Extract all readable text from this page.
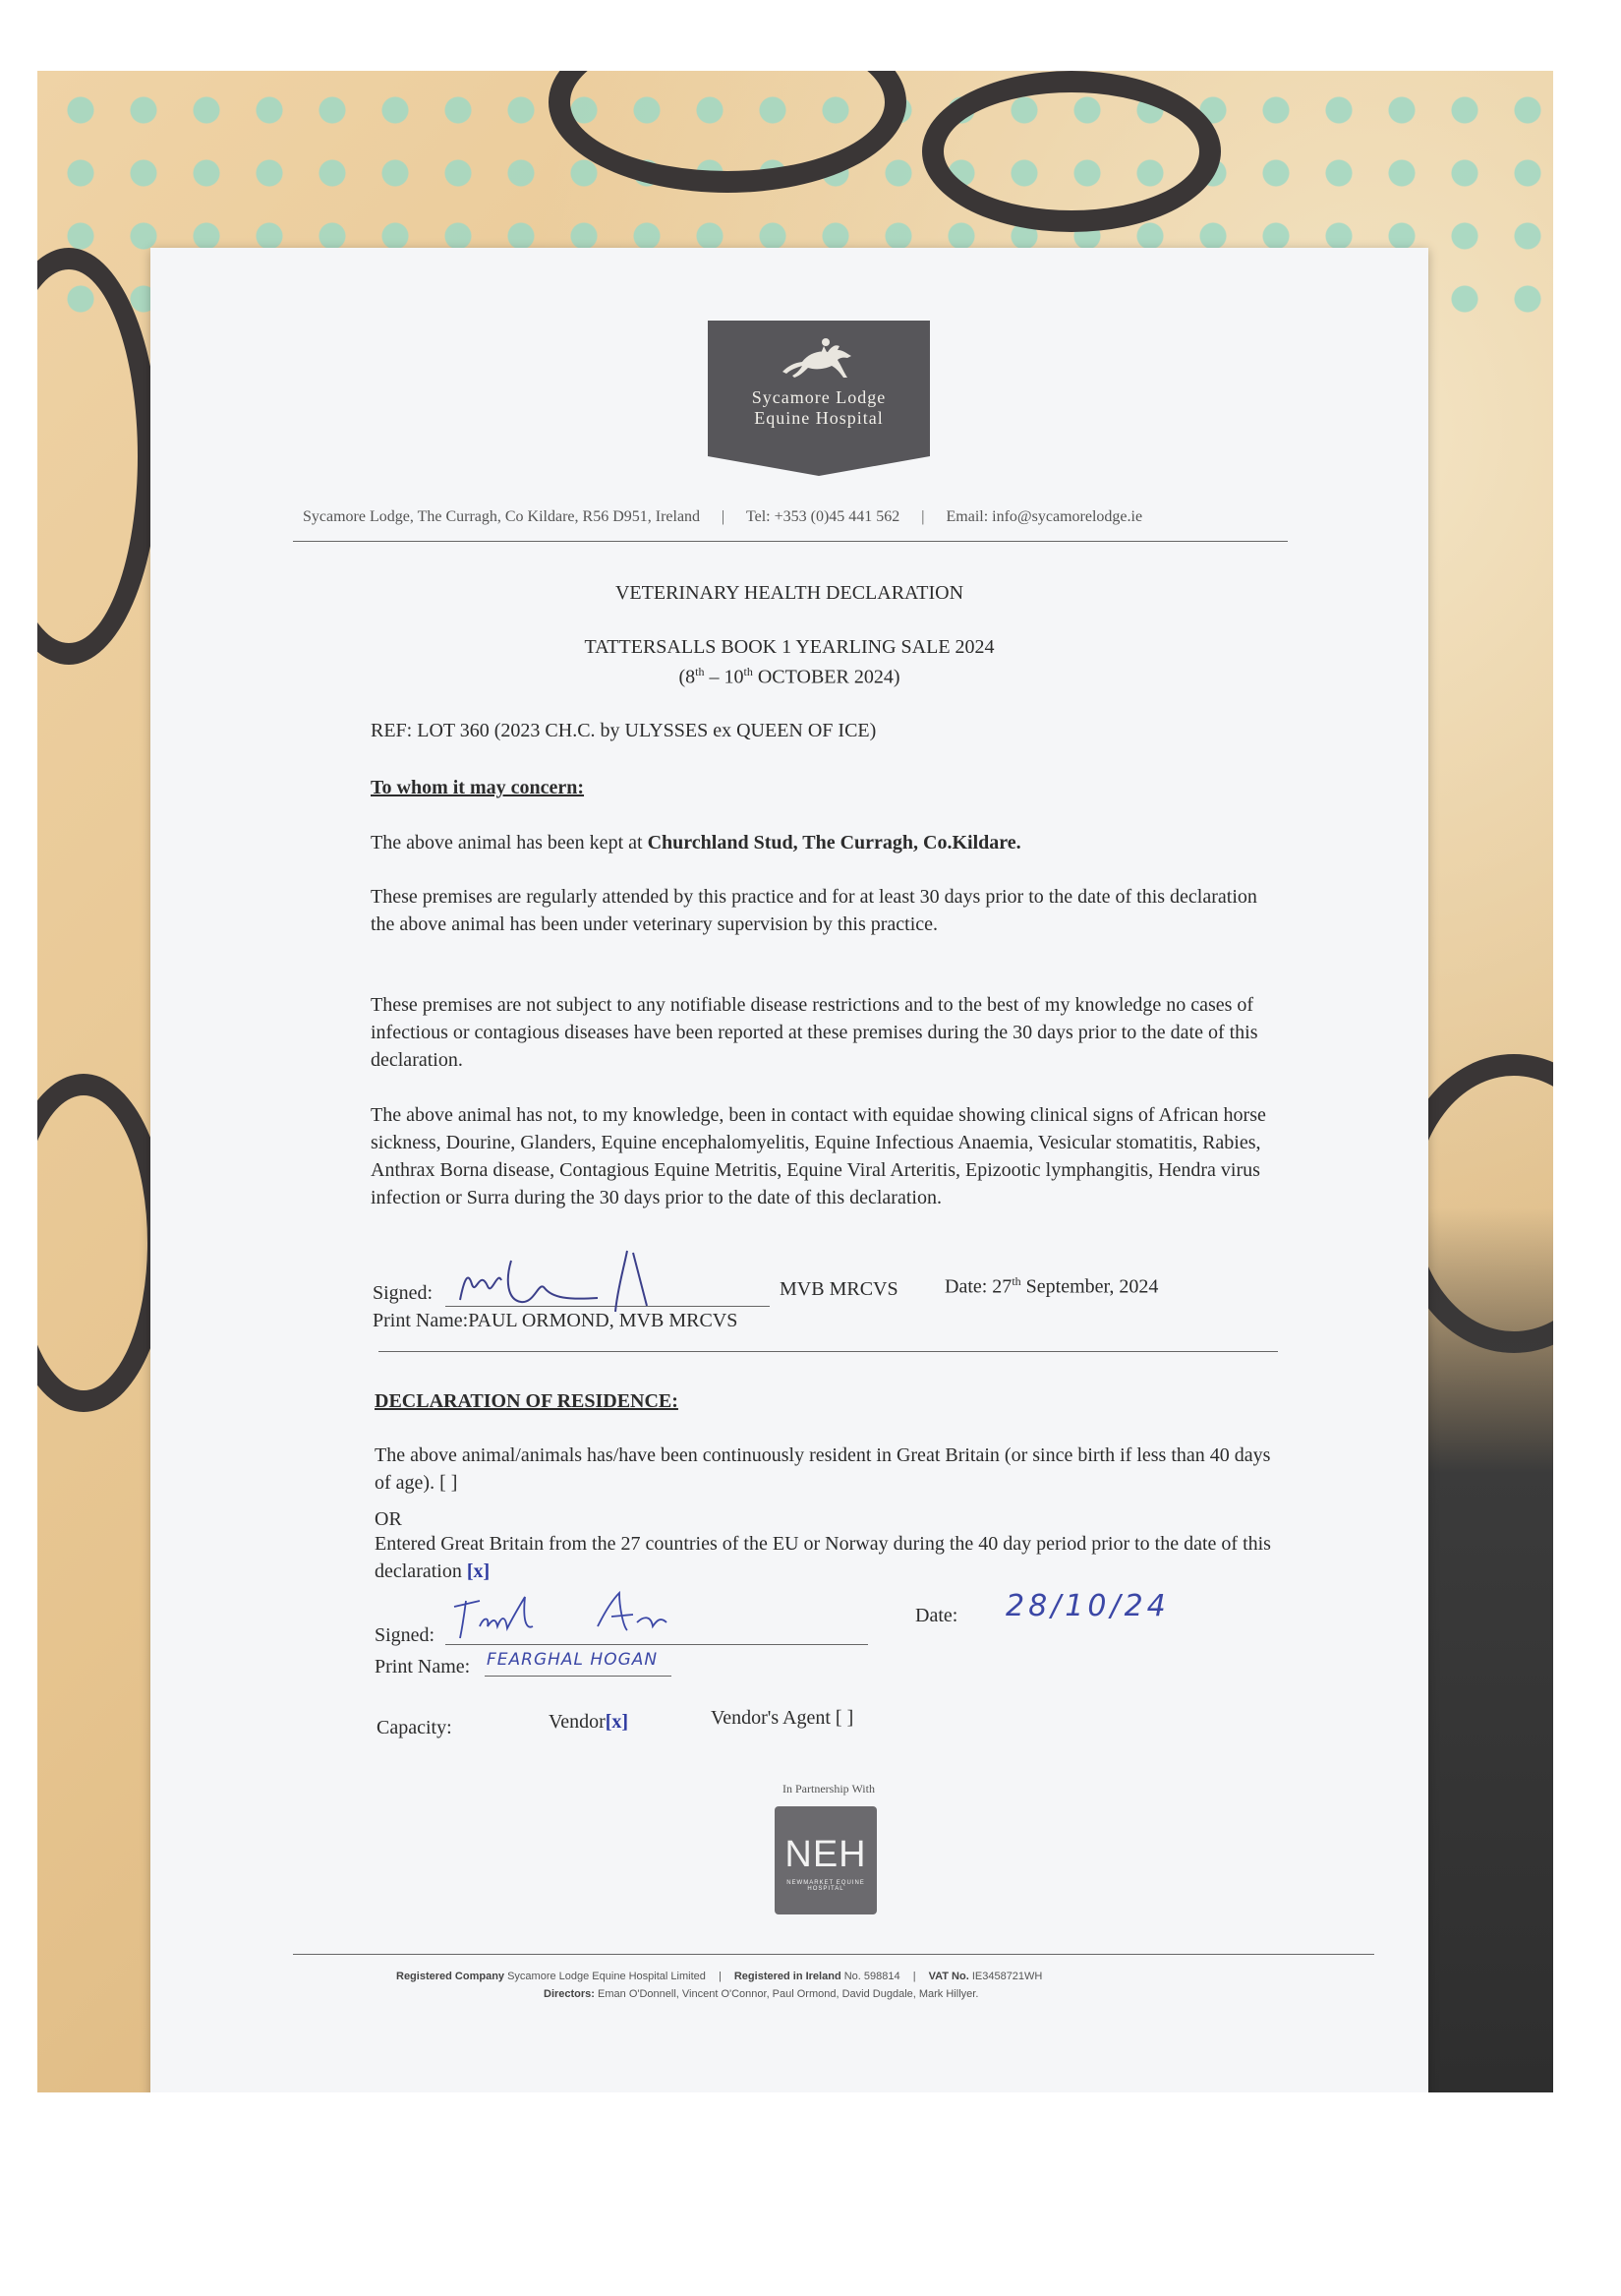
Sycamore Lodge
Equine Hospital
Sycamore Lodge, The Curragh, Co Kildare, R56 D951, Ireland | Tel: +353 (0)45 441 562 | Email: info@sycamorelodge.ie
VETERINARY HEALTH DECLARATION
TATTERSALLS BOOK 1 YEARLING SALE 2024
(8th – 10th OCTOBER 2024)
REF: LOT 360 (2023 CH.C. by ULYSSES ex QUEEN OF ICE)
To whom it may concern:
The above animal has been kept at Churchland Stud, The Curragh, Co.Kildare.
These premises are regularly attended by this practice and for at least 30 days prior to the date of this declaration the above animal has been under veterinary supervision by this practice.
These premises are not subject to any notifiable disease restrictions and to the best of my knowledge no cases of infectious or contagious diseases have been reported at these premises during the 30 days prior to the date of this declaration.
The above animal has not, to my knowledge, been in contact with equidae showing clinical signs of African horse sickness, Dourine, Glanders, Equine encephalomyelitis, Equine Infectious Anaemia, Vesicular stomatitis, Rabies, Anthrax Borna disease, Contagious Equine Metritis, Equine Viral Arteritis, Epizootic lymphangitis, Hendra virus infection or Surra during the 30 days prior to the date of this declaration.
Signed:	MVB MRCVS Date: 27th September, 2024
Print Name:PAUL ORMOND, MVB MRCVS
DECLARATION OF RESIDENCE:
The above animal/animals has/have been continuously resident in Great Britain (or since birth if less than 40 days of age). [ ]
OR
Entered Great Britain from the 27 countries of the EU or Norway during the 40 day period prior to the date of this declaration [x]
Signed:
Date: 28/10/24
Print Name: FEARGHAL HOGAN
Capacity:	Vendor[x]	Vendor's Agent [ ]
In Partnership With
NEH
NEWMARKET EQUINE HOSPITAL
Registered Company Sycamore Lodge Equine Hospital Limited | Registered in Ireland No. 598814 | VAT No. IE3458721WH
Directors: Eman O'Donnell, Vincent O'Connor, Paul Ormond, David Dugdale, Mark Hillyer.
